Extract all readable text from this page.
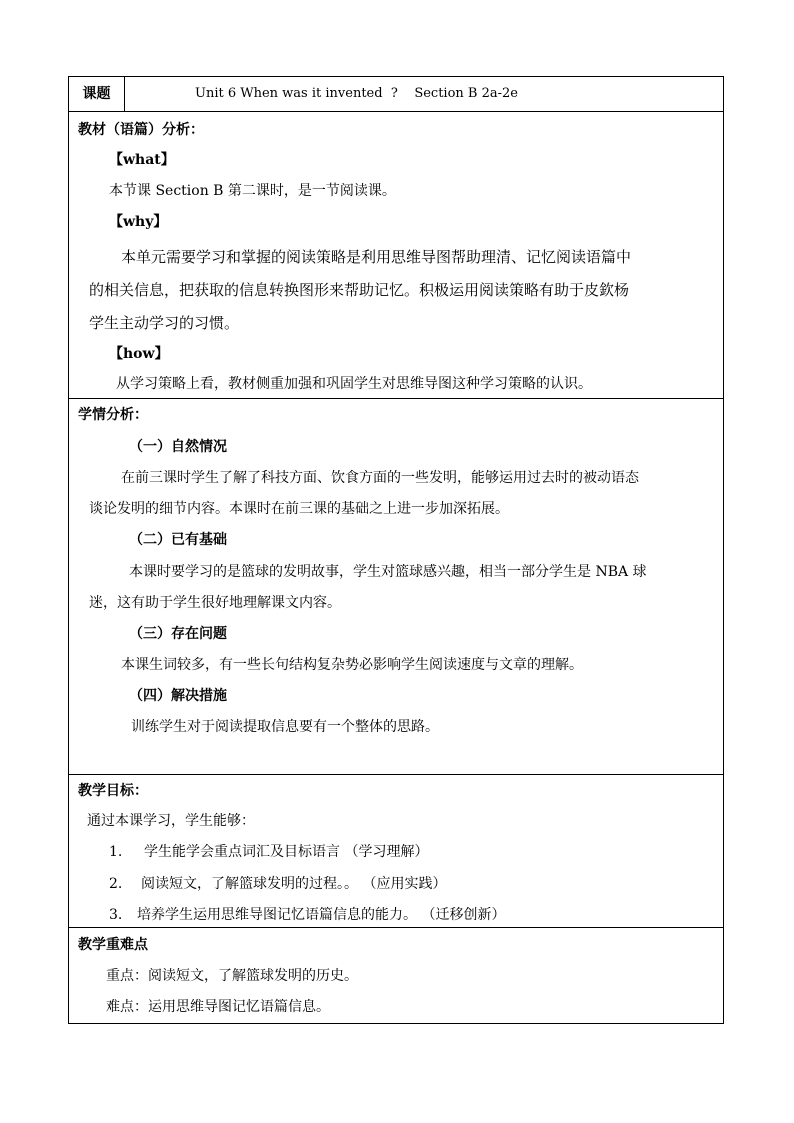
课题	Unit 6 When was it invented  ?    Section B 2a-2e
教材（语篇）分析：
【what】
本节课 Section B 第二课时，是一节阅读课。
【why】
本单元需要学习和掌握的阅读策略是利用思维导图帮助理清、记忆阅读语篇中
的相关信息，把获取的信息转换图形来帮助记忆。积极运用阅读策略有助于皮欽杨
学生主动学习的习惯。
【how】
从学习策略上看，教材侧重加强和巩固学生对思维导图这种学习策略的认识。
学情分析：
（一）自然情况
在前三课时学生了解了科技方面、饮食方面的一些发明，能够运用过去时的被动语态
谈论发明的细节内容。本课时在前三课的基础之上进一步加深拓展。
（二）已有基础
本课时要学习的是篮球的发明故事，学生对篮球感兴趣，相当一部分学生是 NBA 球
迷，这有助于学生很好地理解课文内容。
（三）存在问题
本课生词较多，有一些长句结构复杂势必影响学生阅读速度与文章的理解。
（四）解决措施
训练学生对于阅读提取信息要有一个整体的思路。
教学目标：
通过本课学习，学生能够：
1. 学生能学会重点词汇及目标语言 （学习理解）
2. 阅读短文，了解篮球发明的过程。。 （应用实践）
3. 培养学生运用思维导图记忆语篇信息的能力。 （迁移创新）
教学重难点
重点：阅读短文，了解篮球发明的历史。
难点：运用思维导图记忆语篇信息。
